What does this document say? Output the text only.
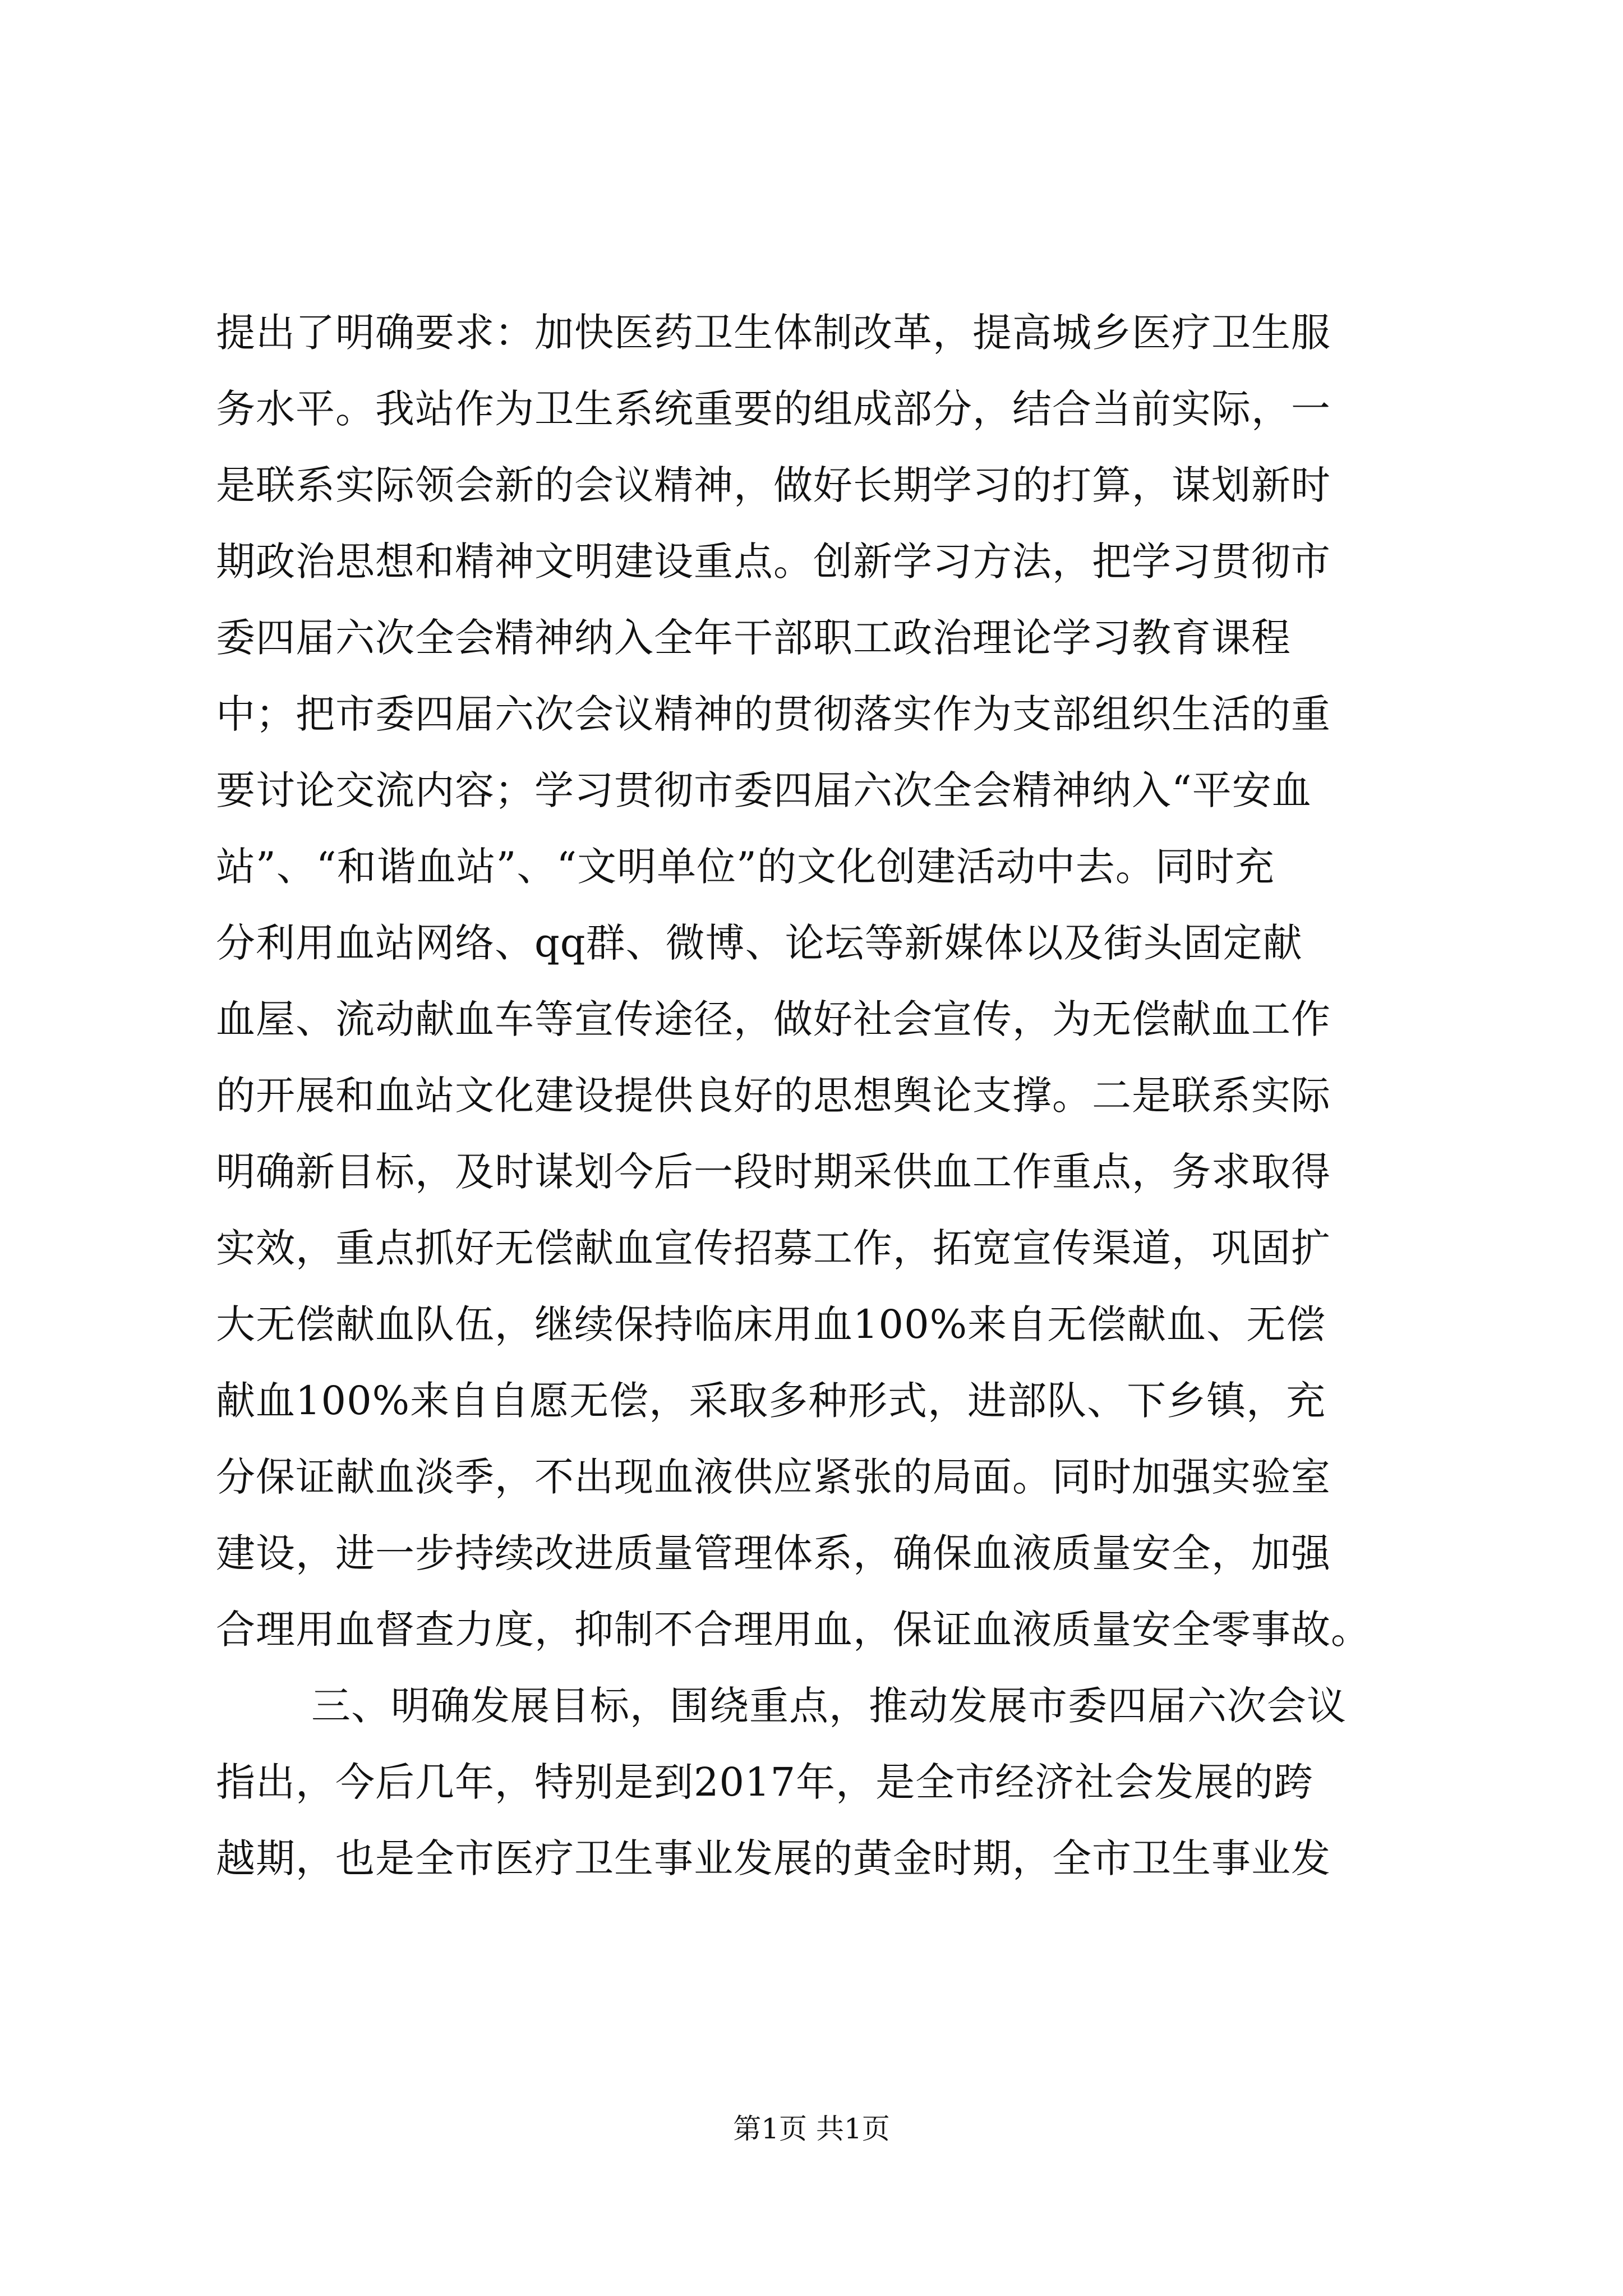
提出了明确要求：加快医药卫生体制改革，提高城乡医疗卫生服
务水平。我站作为卫生系统重要的组成部分，结合当前实际，一
是联系实际领会新的会议精神，做好长期学习的打算，谋划新时
期政治思想和精神文明建设重点。创新学习方法，把学习贯彻市
委四届六次全会精神纳入全年干部职工政治理论学习教育课程
中；把市委四届六次会议精神的贯彻落实作为支部组织生活的重
要讨论交流内容；学习贯彻市委四届六次全会精神纳入“平安血
站”、“和谐血站”、“文明单位”的文化创建活动中去。同时充
分利用血站网络、qq群、微博、论坛等新媒体以及街头固定献
血屋、流动献血车等宣传途径，做好社会宣传，为无偿献血工作
的开展和血站文化建设提供良好的思想舆论支撑。二是联系实际
明确新目标，及时谋划今后一段时期采供血工作重点，务求取得
实效，重点抓好无偿献血宣传招募工作，拓宽宣传渠道，巩固扩
大无偿献血队伍，继续保持临床用血100%来自无偿献血、无偿
献血100%来自自愿无偿，采取多种形式，进部队、下乡镇，充
分保证献血淡季，不出现血液供应紧张的局面。同时加强实验室
建设，进一步持续改进质量管理体系，确保血液质量安全，加强
合理用血督查力度，抑制不合理用血，保证血液质量安全零事故。
三、明确发展目标，围绕重点，推动发展市委四届六次会议
指出，今后几年，特别是到2017年，是全市经济社会发展的跨
越期，也是全市医疗卫生事业发展的黄金时期，全市卫生事业发
第1页 共1页
